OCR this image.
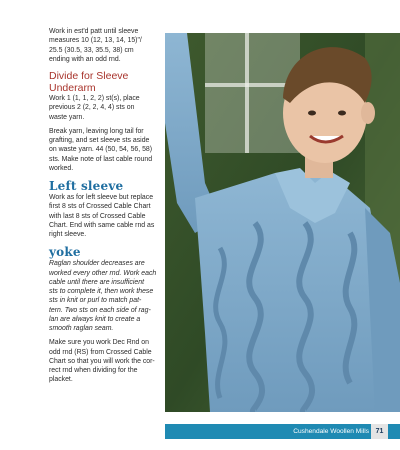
Work in est'd patt until sleeve

measures 10 (12, 13, 14, 15)"/

25.5 (30.5, 33, 35.5, 38) cm

ending with an odd rnd.

Divide for Sleeve

Underarm

Work 1 (1, 1, 2, 2) st(s), place

previous 2 (2, 2, 4, 4) sts on

waste yarn.

Break yarn, leaving long tail for

grafting, and set sleeve sts aside

on waste yarn. 44 (50, 54, 56, 58)

sts. Make note of last cable round

worked.

Left sleeve

Work as for left sleeve but replace

first 8 sts of Crossed Cable Chart

with last 8 sts of Crossed Cable

Chart. End with same cable rnd as

right sleeve.

yoke

Raglan shoulder decreases are

worked every other rnd. Work each

cable until there are insufficient

sts to complete it, then work these

sts in knit or purl to match pat-

tern. Two sts on each side of rag-

lan are always knit to create a

smooth raglan seam.

Make sure you work Dec Rnd on

odd rnd (RS) from Crossed Cable

Chart so that you will work the cor-

rect rnd when dividing for the

placket.

Cushendale Woollen Mills 71
